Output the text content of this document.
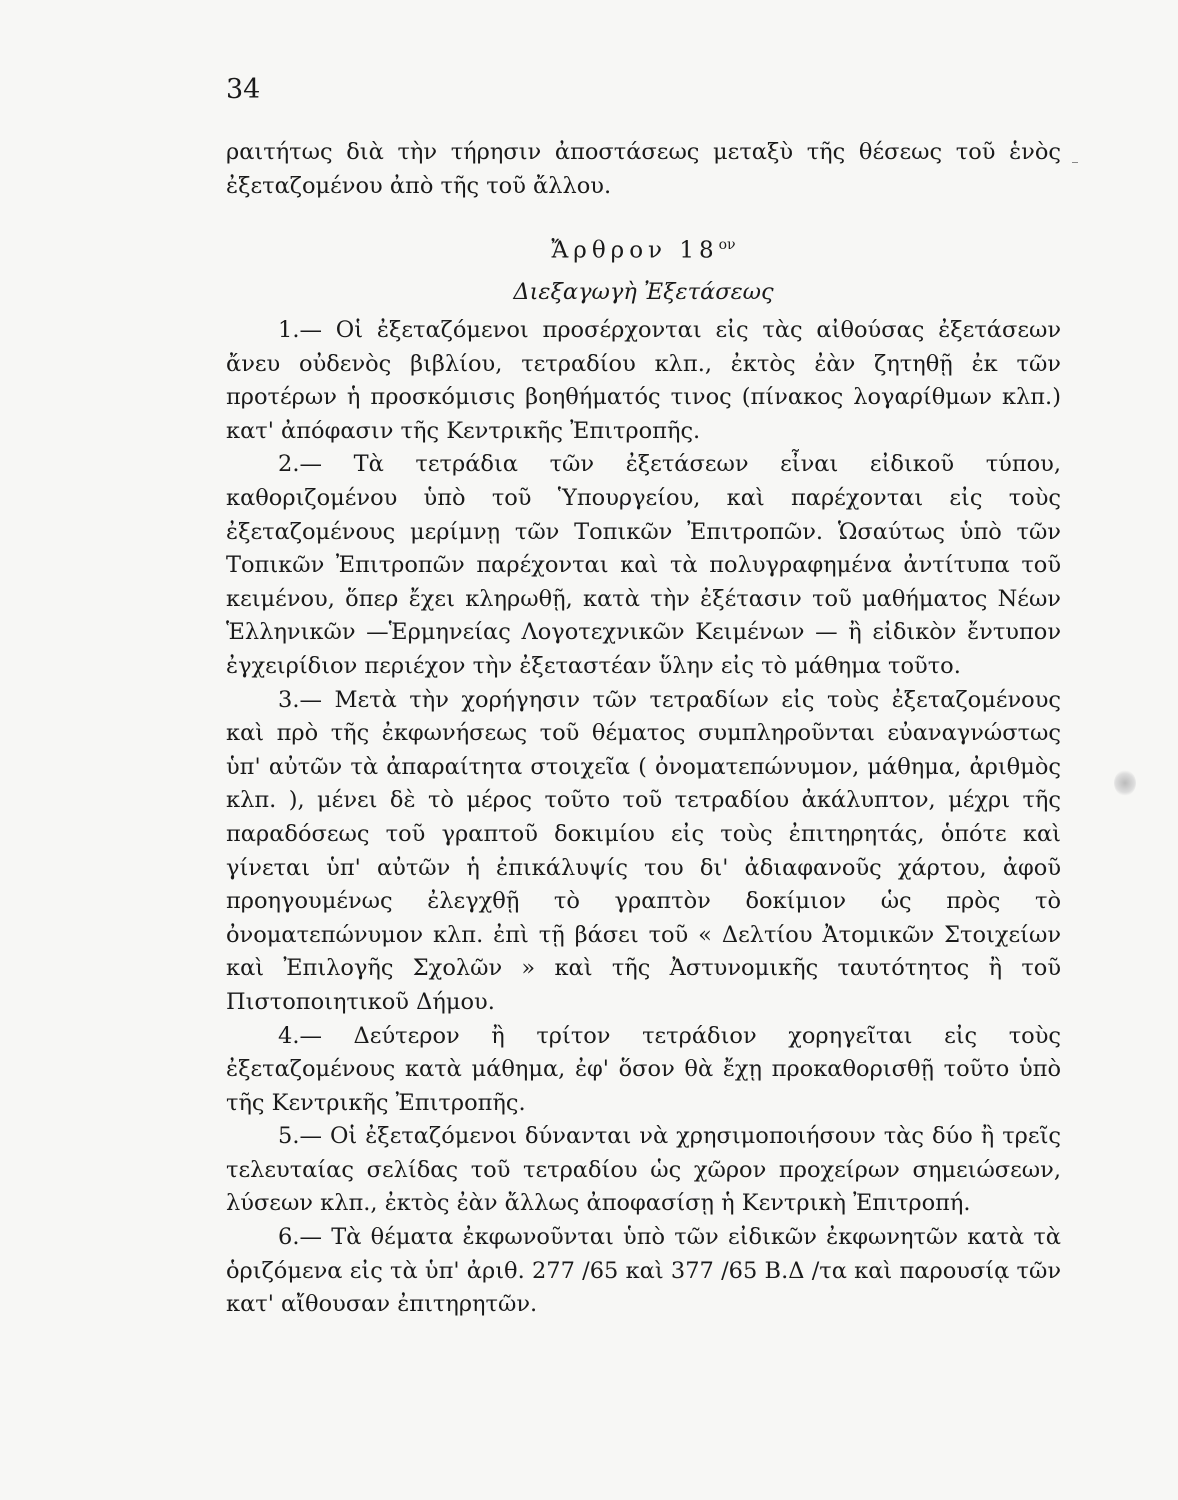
34

ραιτήτως διὰ τὴν τήρησιν ἀποστάσεως μεταξὺ τῆς θέσεως τοῦ ἑνὸς ἐξεταζομένου ἀπὸ τῆς τοῦ ἄλλου.

Ἄρθρον $18^{o\nu}$

Διεξαγωγὴ Ἐξετάσεως

1.— Οἱ ἐξεταζόμενοι προσέρχονται εἰς τὰς αἰθούσας ἐξετάσεων ἄνευ οὐδενὸς βιβλίου, τετραδίου κλπ., ἐκτὸς ἐὰν ζητηθῇ ἐκ τῶν προτέρων ἡ προσκόμισις βοηθήματός τινος (πίνακος λογαρίθμων κλπ.) κατ' ἀπόφασιν τῆς Κεντρικῆς Ἐπιτροπῆς.

2.— Τὰ τετράδια τῶν ἐξετάσεων εἶναι εἰδικοῦ τύπου, καθοριζομένου ὑπὸ τοῦ Ὑπουργείου, καὶ παρέχονται εἰς τοὺς ἐξεταζομένους μερίμνῃ τῶν Τοπικῶν Ἐπιτροπῶν. Ὡσαύτως ὑπὸ τῶν Τοπικῶν Ἐπιτροπῶν παρέχονται καὶ τὰ πολυγραφημένα ἀντίτυπα τοῦ κειμένου, ὅπερ ἔχει κληρωθῇ, κατὰ τὴν ἐξέτασιν τοῦ μαθήματος Νέων Ἑλληνικῶν —Ἑρμηνείας Λογοτεχνικῶν Κειμένων — ἢ εἰδικὸν ἔντυπον ἐγχειρίδιον περιέχον τὴν ἐξεταστέαν ὕλην εἰς τὸ μάθημα τοῦτο.

3.— Μετὰ τὴν χορήγησιν τῶν τετραδίων εἰς τοὺς ἐξεταζομένους καὶ πρὸ τῆς ἐκφωνήσεως τοῦ θέματος συμπληροῦνται εὐαναγνώστως ὑπ' αὐτῶν τὰ ἀπαραίτητα στοιχεῖα ( ὀνοματεπώνυμον, μάθημα, ἀριθμὸς κλπ. ), μένει δὲ τὸ μέρος τοῦτο τοῦ τετραδίου ἀκάλυπτον, μέχρι τῆς παραδόσεως τοῦ γραπτοῦ δοκιμίου εἰς τοὺς ἐπιτηρητάς, ὁπότε καὶ γίνεται ὑπ' αὐτῶν ἡ ἐπικάλυψίς του δι' ἀδιαφανοῦς χάρτου, ἀφοῦ προηγουμένως ἐλεγχθῇ τὸ γραπτὸν δοκίμιον ὡς πρὸς τὸ ὀνοματεπώνυμον κλπ. ἐπὶ τῇ βάσει τοῦ « Δελτίου Ἀτομικῶν Στοιχείων καὶ Ἐπιλογῆς Σχολῶν » καὶ τῆς Ἀστυνομικῆς ταυτότητος ἢ τοῦ Πιστοποιητικοῦ Δήμου.

4.— Δεύτερον ἢ τρίτον τετράδιον χορηγεῖται εἰς τοὺς ἐξεταζομένους κατὰ μάθημα, ἐφ' ὅσον θὰ ἔχῃ προκαθορισθῇ τοῦτο ὑπὸ τῆς Κεντρικῆς Ἐπιτροπῆς.

5.— Οἱ ἐξεταζόμενοι δύνανται νὰ χρησιμοποιήσουν τὰς δύο ἢ τρεῖς τελευταίας σελίδας τοῦ τετραδίου ὡς χῶρον προχείρων σημειώσεων, λύσεων κλπ., ἐκτὸς ἐὰν ἄλλως ἀποφασίσῃ ἡ Κεντρικὴ Ἐπιτροπή.

6.— Τὰ θέματα ἐκφωνοῦνται ὑπὸ τῶν εἰδικῶν ἐκφωνητῶν κατὰ τὰ ὁριζόμενα εἰς τὰ ὑπ' ἀριθ. 277 /65 καὶ 377 /65 Β.Δ /τα καὶ παρουσίᾳ τῶν κατ' αἴθουσαν ἐπιτηρητῶν.
